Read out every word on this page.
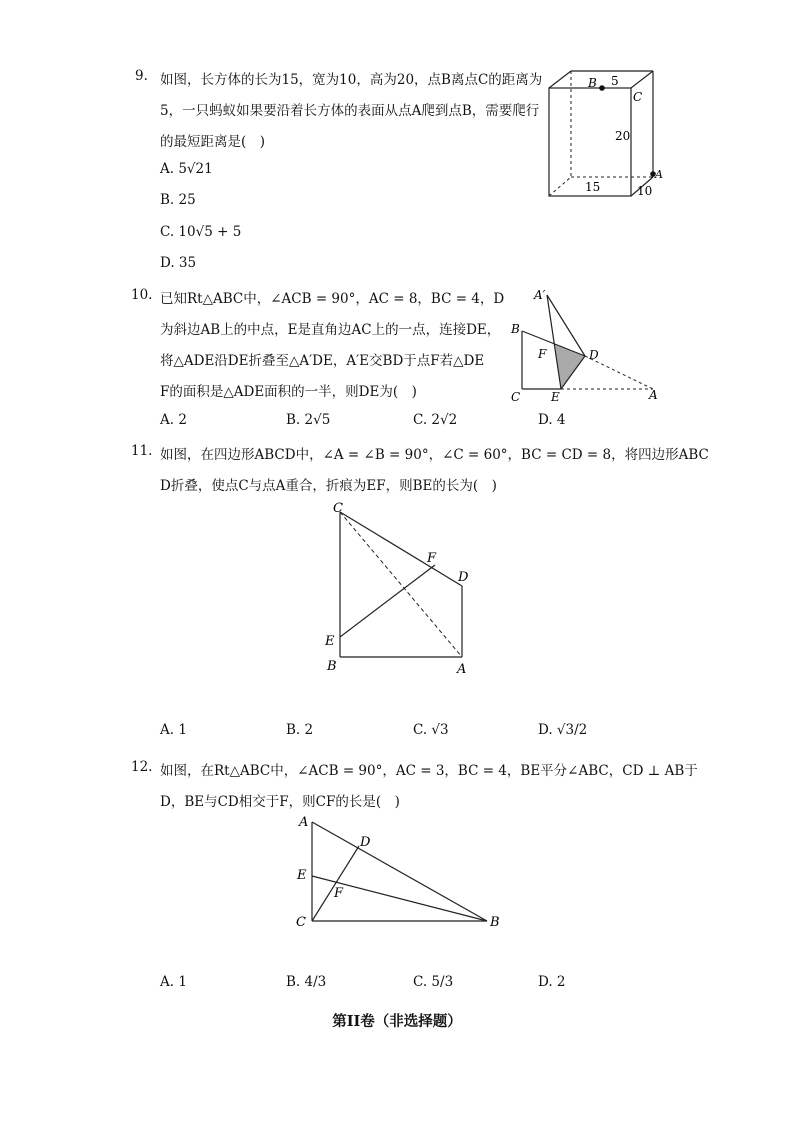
9. 如图，长方体的长为15，宽为10，高为20，点B离点C的距离为
5，一只蚂蚁如果要沿着长方体的表面从点A爬到点B，需要爬行
的最短距离是(　)
A. 5√21
B. 25
C. 10√5 + 5
D. 35
B 5
C
20
A
15	10
10. 已知Rt△ABC中，∠ACB = 90°，AC = 8，BC = 4，D
为斜边AB上的中点，E是直角边AC上的一点，连接DE，
将△ADE沿DE折叠至△A′DE，A′E交BD于点F若△DE
F的面积是△ADE面积的一半，则DE为(　)
A. 2	B. 2√5	C. 2√2	D. 4
A′
B
F	D
C	E	A
11. 如图，在四边形ABCD中，∠A = ∠B = 90°，∠C = 60°，BC = CD = 8，将四边形ABC
D折叠，使点C与点A重合，折痕为EF，则BE的长为(　)
C
F
D
E
B	A
A. 1	B. 2	C. √3	D. √3/2
12. 如图，在Rt△ABC中，∠ACB = 90°，AC = 3，BC = 4，BE平分∠ABC，CD ⊥ AB于
D，BE与CD相交于F，则CF的长是(　)
A
D
E
F
C	B
A. 1	B. 4/3	C. 5/3	D. 2
第II卷（非选择题）
